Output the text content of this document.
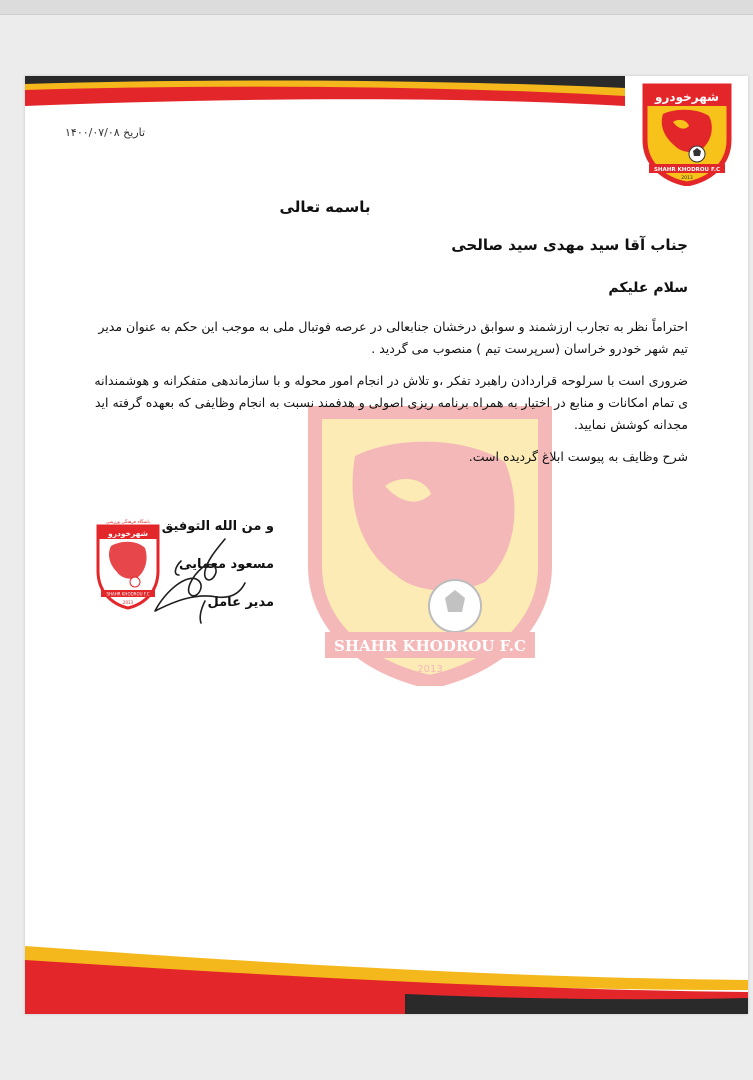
شهرخودرو
SHAHR KHODROU F.C
2013
SHAHR KHODROU F.C
2013
تاریخ ۱۴۰۰/۰۷/۰۸
باسمه تعالی
جناب آقا سید مهدی سید صالحی
سلام علیکم

احتراماً نظر به تجارب ارزشمند و سوابق درخشان جنابعالی در عرصه فوتبال ملی به موجب این حکم به عنوان مدیر تیم شهر خودرو خراسان (سرپرست تیم ) منصوب می گردید .

ضروری است با سرلوحه قراردادن راهبرد تفکر ،و تلاش در انجام امور محوله و با سازماندهی متفکرانه و هوشمندانه ی تمام امکانات و منابع در اختیار به همراه برنامه ریزی اصولی و هدفمند نسبت به انجام وظایفی که بعهده گرفته اید مجدانه کوشش نمایید.

شرح وظایف به پیوست ابلاغ گردیده است.

و من الله التوفیق
مسعود معمایی
مدیر عامل
باشگاه فرهنگی ورزشی
شهرخودرو
SHAHR KHODROU F.C
2013
